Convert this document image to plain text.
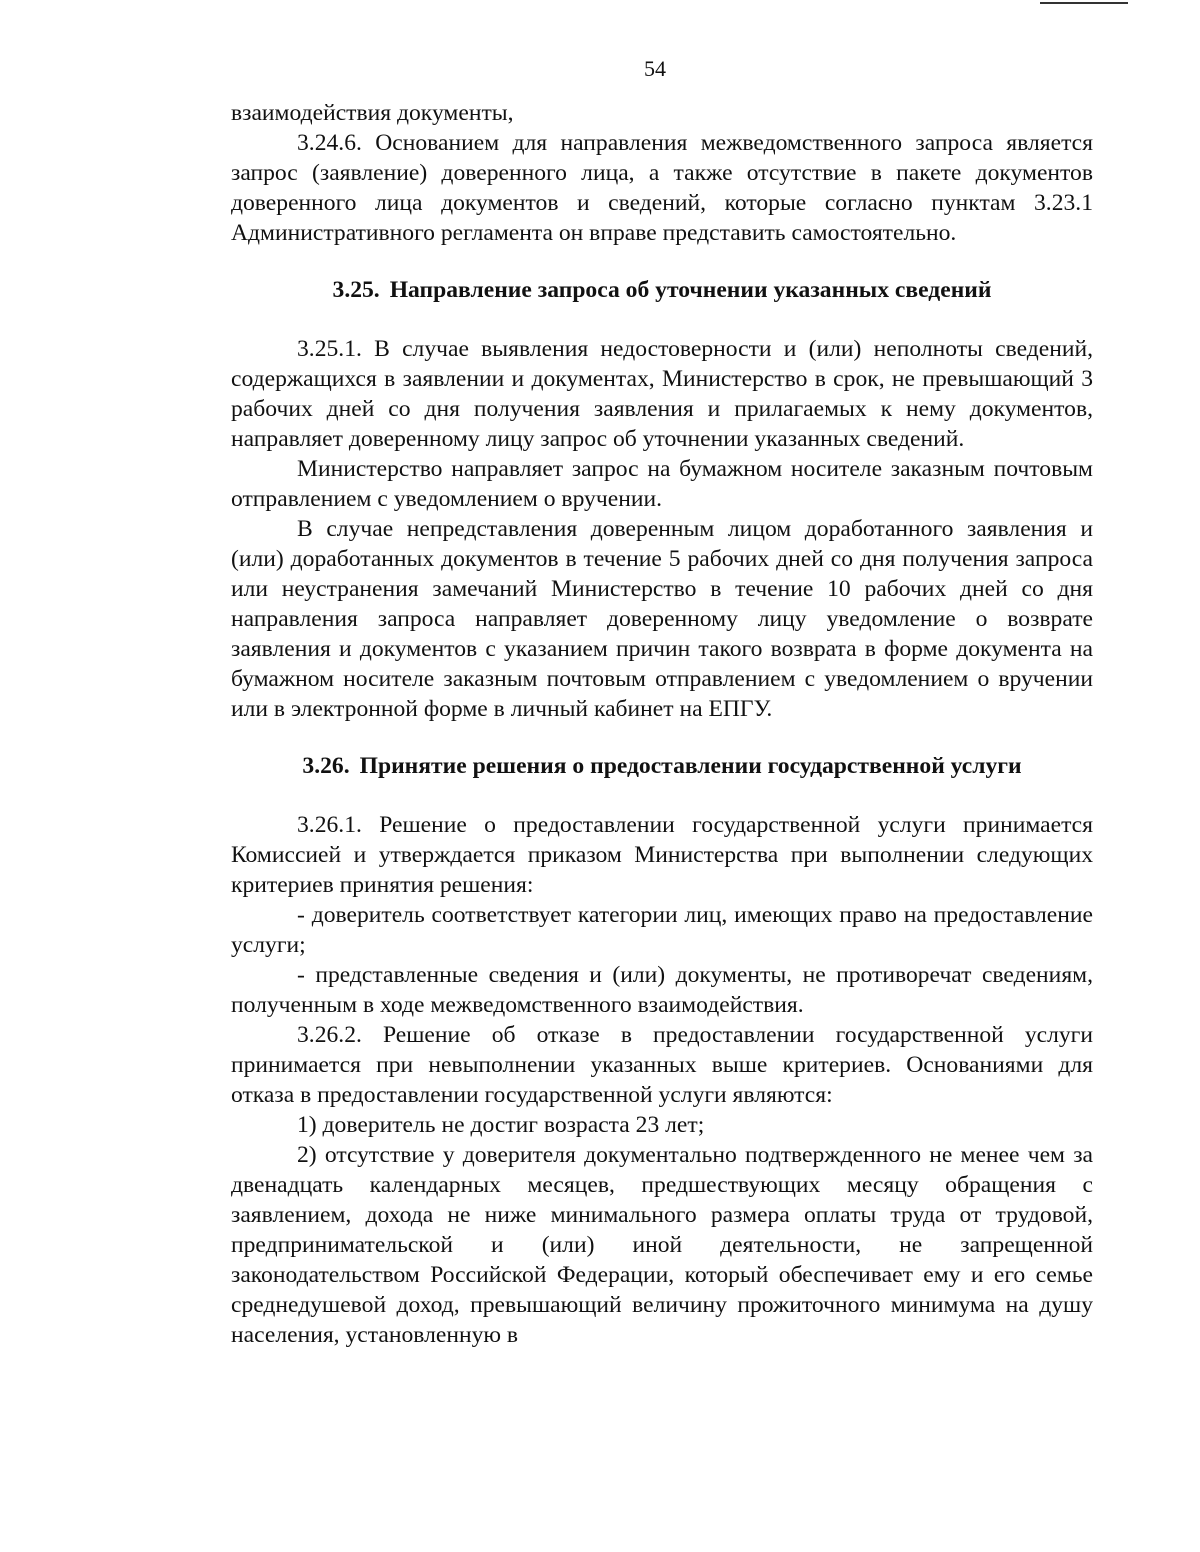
54

взаимодействия документы,

3.24.6. Основанием для направления межведомственного запроса является запрос (заявление) доверенного лица, а также отсутствие в пакете документов доверенного лица документов и сведений, которые согласно пунктам 3.23.1 Административного регламента он вправе представить самостоятельно.

3.25. Направление запроса об уточнении указанных сведений

3.25.1. В случае выявления недостоверности и (или) неполноты сведений, содержащихся в заявлении и документах, Министерство в срок, не превышающий 3 рабочих дней со дня получения заявления и прилагаемых к нему документов, направляет доверенному лицу запрос об уточнении указанных сведений.

Министерство направляет запрос на бумажном носителе заказным почтовым отправлением с уведомлением о вручении.

В случае непредставления доверенным лицом доработанного заявления и (или) доработанных документов в течение 5 рабочих дней со дня получения запроса или неустранения замечаний Министерство в течение 10 рабочих дней со дня направления запроса направляет доверенному лицу уведомление о возврате заявления и документов с указанием причин такого возврата в форме документа на бумажном носителе заказным почтовым отправлением с уведомлением о вручении или в электронной форме в личный кабинет на ЕПГУ.

3.26. Принятие решения о предоставлении государственной услуги

3.26.1. Решение о предоставлении государственной услуги принимается Комиссией и утверждается приказом Министерства при выполнении следующих критериев принятия решения:

- доверитель соответствует категории лиц, имеющих право на предоставление услуги;

- представленные сведения и (или) документы, не противоречат сведениям, полученным в ходе межведомственного взаимодействия.

3.26.2. Решение об отказе в предоставлении государственной услуги принимается при невыполнении указанных выше критериев. Основаниями для отказа в предоставлении государственной услуги являются:

1) доверитель не достиг возраста 23 лет;

2) отсутствие у доверителя документально подтвержденного не менее чем за двенадцать календарных месяцев, предшествующих месяцу обращения с заявлением, дохода не ниже минимального размера оплаты труда от трудовой, предпринимательской и (или) иной деятельности, не запрещенной законодательством Российской Федерации, который обеспечивает ему и его семье среднедушевой доход, превышающий величину прожиточного минимума на душу населения, установленную в
